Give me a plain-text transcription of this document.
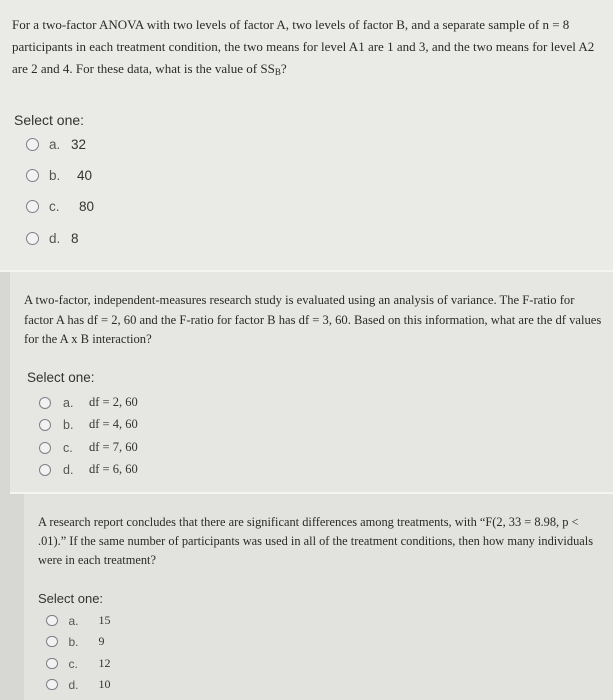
For a two-factor ANOVA with two levels of factor A, two levels of factor B, and a separate sample of n = 8 participants in each treatment condition, the two means for level A1 are 1 and 3, and the two means for level A2 are 2 and 4. For these data, what is the value of $SS_B$?

Select one:
a. 32
b.	40
c.	80
d. 8

A two-factor, independent-measures research study is evaluated using an analysis of variance. The F-ratio for factor A has df = 2, 60 and the F-ratio for factor B has df = 3, 60. Based on this information, what are the df values for the A x B interaction?

Select one:
a.	df = 2, 60
b.	df = 4, 60
c.	df = 7, 60
d.	df = 6, 60

A research report concludes that there are significant differences among treatments, with “F(2, 33 = 8.98, p < .01).” If the same number of participants was used in all of the treatment conditions, then how many individuals were in each treatment?

Select one:
a.	15
b.	9
c.	12
d.	10
